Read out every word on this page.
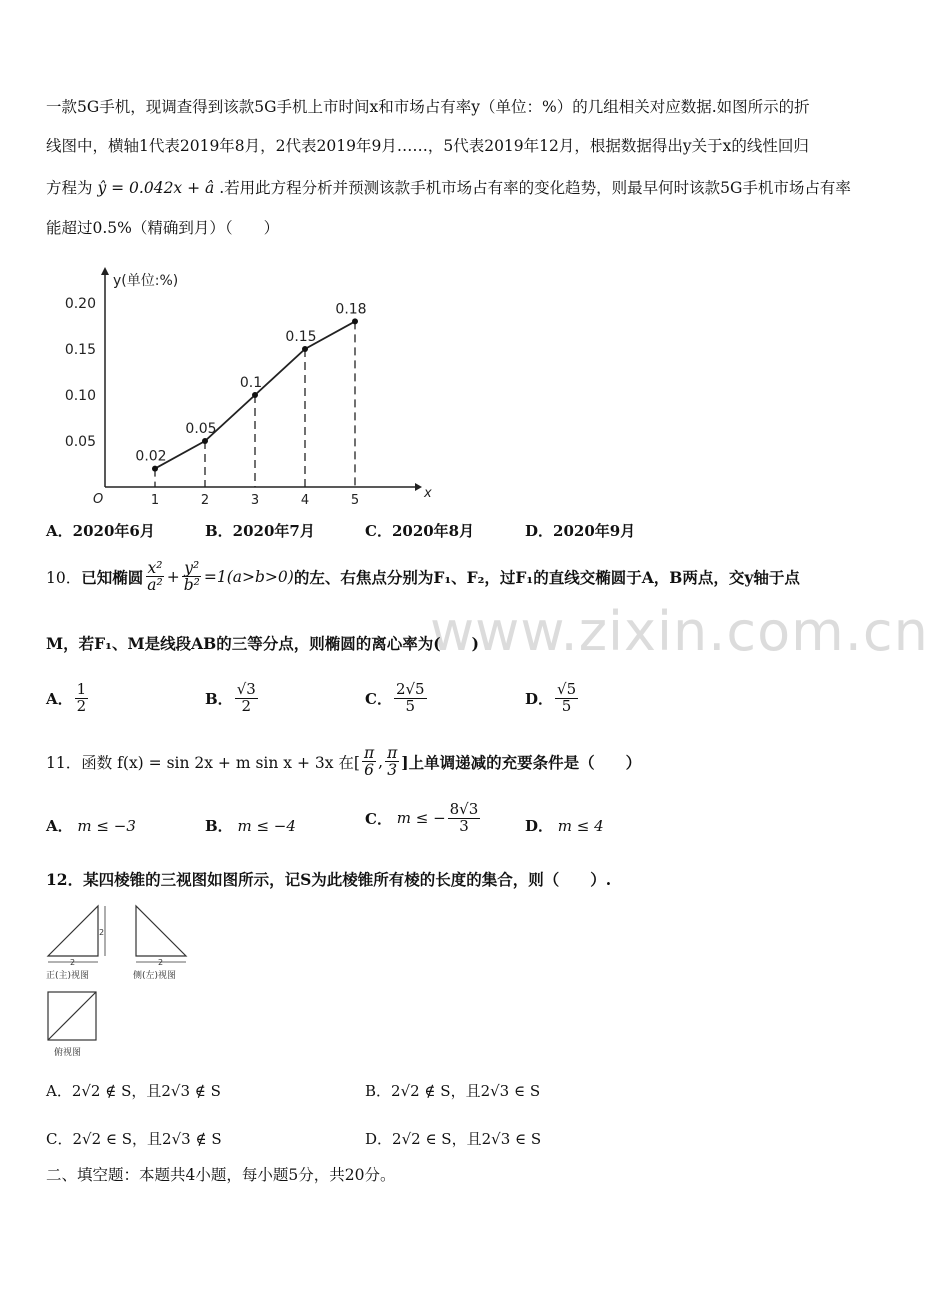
www.zixin.com.cn
一款5G手机，现调查得到该款5G手机上市时间x和市场占有率y（单位：%）的几组相关对应数据.如图所示的折
线图中，横轴1代表2019年8月，2代表2019年9月……，5代表2019年12月，根据数据得出y关于x的线性回归
方程为 ŷ = 0.042x + â .若用此方程分析并预测该款手机市场占有率的变化趋势，则最早何时该款5G手机市场占有率
能超过0.5%（精确到月）（　　）
y(单位:%)
x
O
0.05
0.10
0.15
0.20
1	2	3	4	5
0.02
0.05
0.1
0.15
0.18
A．2020年6月	B．2020年7月	C．2020年8月	D．2020年9月
10． 已知椭圆 $\frac{\text{x²}}{\text{a²}} + \frac{\text{y²}}{\text{b²}} =1(a>b>0)$ 的左、右焦点分别为F₁、F₂，过F₁的直线交椭圆于A，B两点，交y轴于点
M，若F₁、M是线段AB的三等分点，则椭圆的离心率为(　　)
A． $\frac{1}{2}$	B． $\frac{√3}{2}$	C． $\frac{2√5}{5}$	D． $\frac{√5}{5}$
11． 函数 f(x) = sin 2x + m sin x + 3x 在[ $\frac{\pi}{6}$ , $\frac{\pi}{3}$ ]上单调递减的充要条件是（　　）
A． m ≤ −3	B． m ≤ −4	C．
m ≤ − $\frac{8√3}{3}$	D． m ≤ 4
12．某四棱锥的三视图如图所示，记S为此棱锥所有棱的长度的集合，则（　　）.
2
2
正(主)视图
2
侧(左)视图
俯视图
A．2√2 ∉ S，且2√3 ∉ S	B．2√2 ∉ S，且2√3 ∈ S
C．2√2 ∈ S，且2√3 ∉ S	D．2√2 ∈ S，且2√3 ∈ S
二、填空题：本题共4小题，每小题5分，共20分。
